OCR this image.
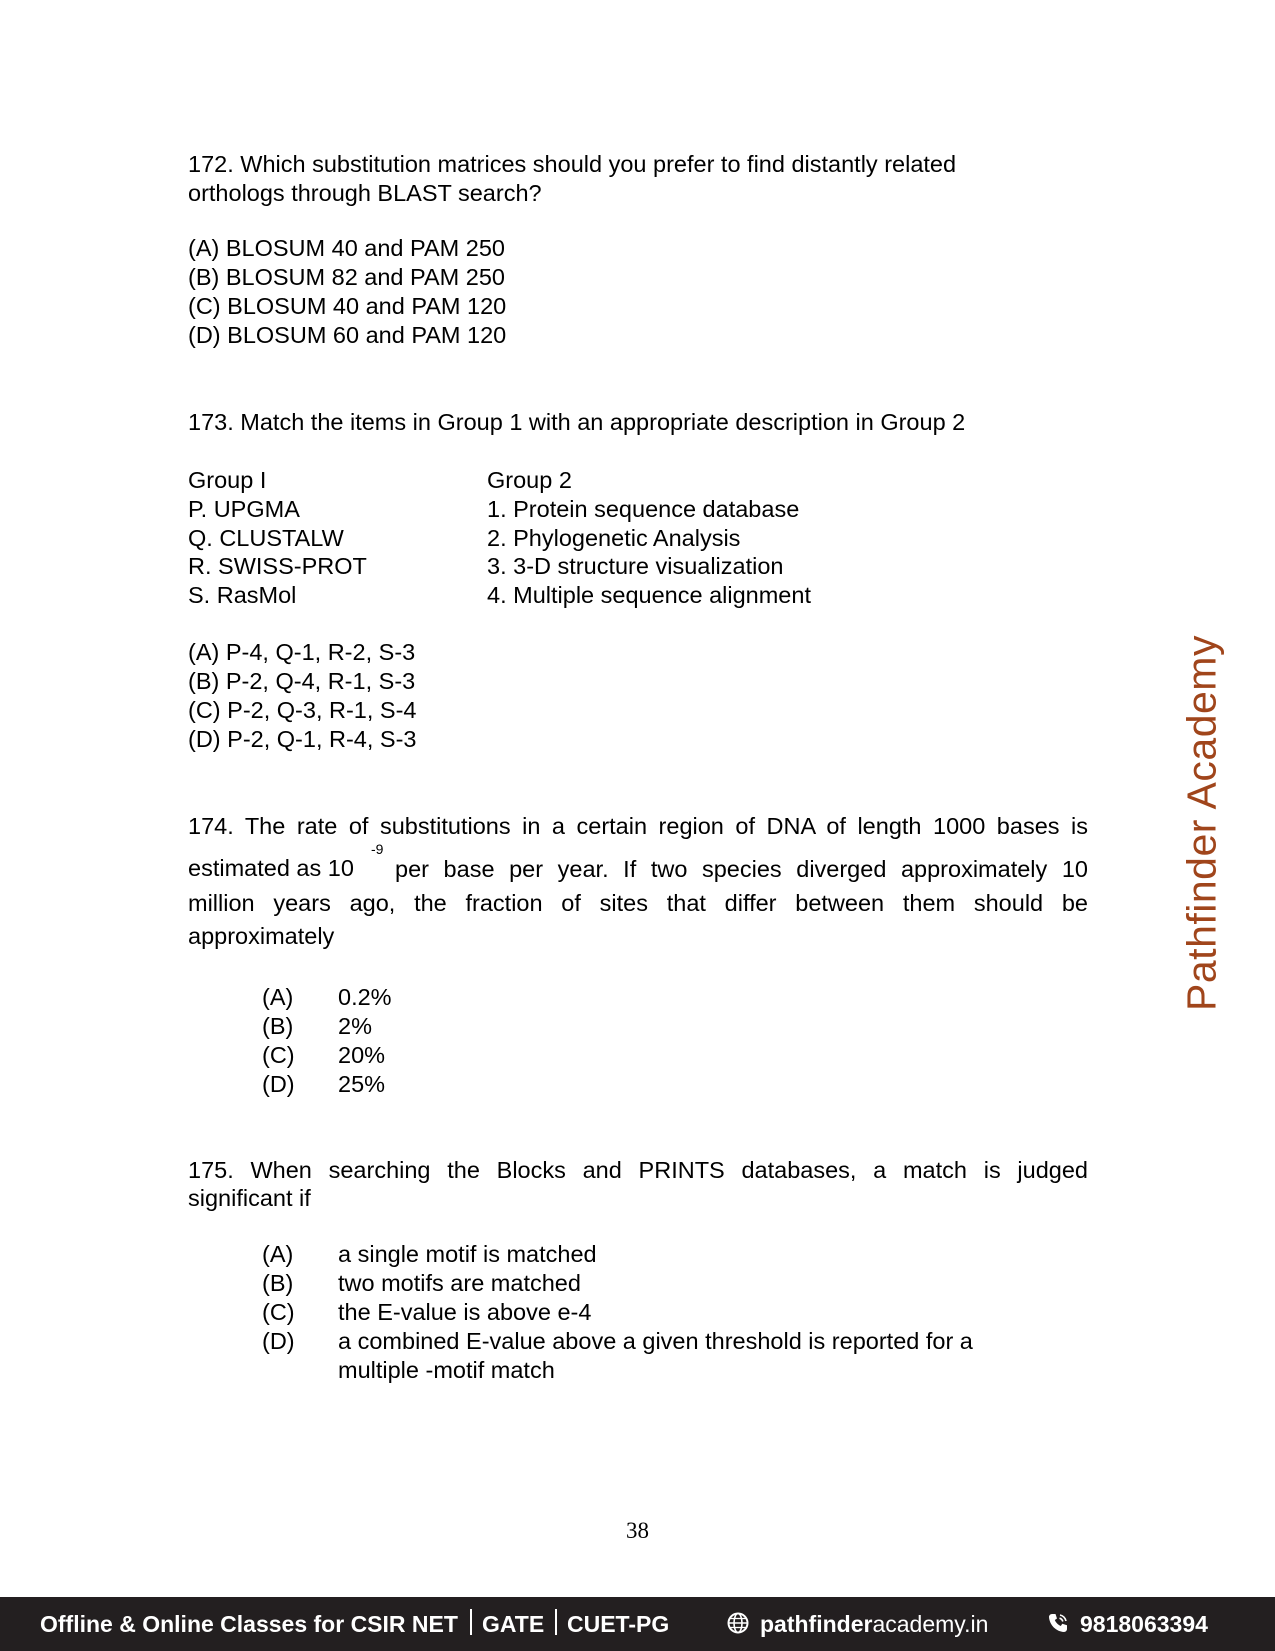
172. Which substitution matrices should you prefer to find distantly related
orthologs through BLAST search?
(A) BLOSUM 40 and PAM 250
(B) BLOSUM 82 and PAM 250
(C) BLOSUM 40 and PAM 120
(D) BLOSUM 60 and PAM 120
173. Match the items in Group 1 with an appropriate description in Group 2
Group I	Group 2
P. UPGMA	1. Protein sequence database
Q. CLUSTALW	2. Phylogenetic Analysis
R. SWISS-PROT	3. 3-D structure visualization
S. RasMol	4. Multiple sequence alignment
(A) P-4, Q-1, R-2, S-3
(B) P-2, Q-4, R-1, S-3
(C) P-2, Q-3, R-1, S-4
(D) P-2, Q-1, R-4, S-3
174. The rate of substitutions in a certain region of DNA of length 1000 bases is
estimated as 10
-9
per base per year. If two species diverged approximately 10
million years ago, the fraction of sites that differ between them should be
approximately
(A) 0.2%
(B) 2%
(C) 20%
(D) 25%
175. When searching the Blocks and PRINTS databases, a match is judged
significant if
(A) a single motif is matched
(B) two motifs are matched
(C) the E-value is above e-4
(D) a combined E-value above a given threshold is reported for a
multiple -motif match
Pathfinder Academy
38
Offline & Online Classes for CSIR NET GATE CUET-PG	pathfinderacademy.in	9818063394
